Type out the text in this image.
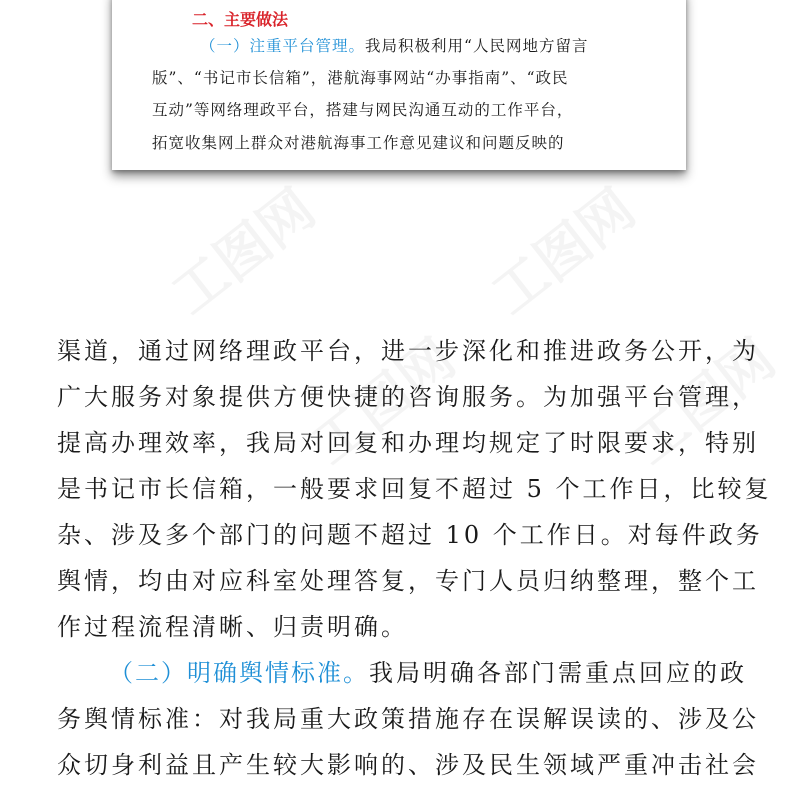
工图网	工图网
工图网	工图网
二、主要做法
（一）注重平台管理。我局积极利用“人民网地方留言
版”、“书记市长信箱”，港航海事网站“办事指南”、“政民
互动”等网络理政平台，搭建与网民沟通互动的工作平台，
拓宽收集网上群众对港航海事工作意见建议和问题反映的
渠道，通过网络理政平台，进一步深化和推进政务公开，为
广大服务对象提供方便快捷的咨询服务。为加强平台管理，
提高办理效率，我局对回复和办理均规定了时限要求，特别
是书记市长信箱，一般要求回复不超过 5 个工作日，比较复
杂、涉及多个部门的问题不超过 10 个工作日。对每件政务
舆情，均由对应科室处理答复，专门人员归纳整理，整个工
作过程流程清晰、归责明确。
（二）明确舆情标准。我局明确各部门需重点回应的政
务舆情标准：对我局重大政策措施存在误解误读的、涉及公
众切身利益且产生较大影响的、涉及民生领域严重冲击社会
